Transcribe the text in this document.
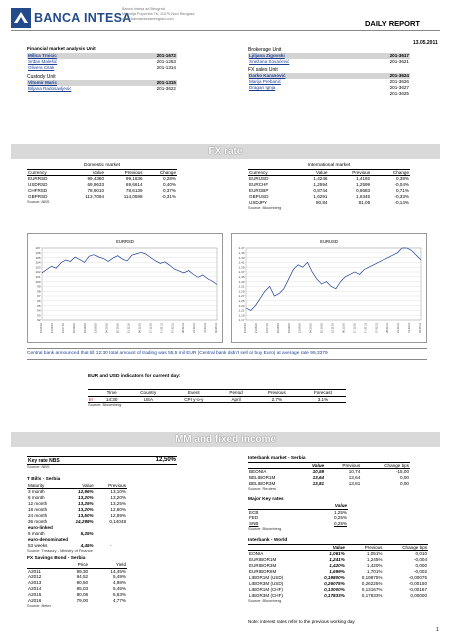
BANCA INTESA
Banca Intesa ad Beograd
Milentija Popovića 7b, 11070 Novi Beograd
www.bancaintesabeograd.com	DAILY REPORT
13.05.2011
Financial market analysis Unit
Milica Trnicic	201-1672
Srđan Malešić	201-1263
Olivera Citak	201-1314
Custody Unit
Vitomir Maric	201-1315
Biljana Radosavljevic	201-3622
Brokerage Unit
Ljiljana Zigovski	201-3617
Snežana Sovaćević	201-3621
FX sales Unit
Darko Karanović	201-3624
Marija Prebanić	201-3626
Dragan Ignja	201-3627
	201-3625
FX rate
Domestic market
Currency	Value	Previous	Change
EURRSD	99,4380	99,1636	0,28%
USDRSD	69,9633	69,6614	0,40%
CHFRSD	78,9010	78,6139	0,37%
GBPRSD	113,7094	114,0598	-0,31%
Source: NBS
International market
Currency	Value	Previous	Change
EURUSD	1,4246	1,4192	0,38%
EURCHF	1,2594	1,2599	-0,04%
EURGBP	0,8744	0,8683	0,71%
GBPUSD	1,6291	1,6345	-0,33%
USDJPY	80,84	81,05	-0,14%
Source: Bloomberg
EURRSD
107
106
105
104
103
102
101
100
99
98
97
96
95
94
93
92
31.05.10	21.06.10	12.07.10	02.08.10	23.08.10	13.09.10	04.10.10	25.10.10	15.11.10	06.12.10	27.12.10	17.01.11	07.02.11	28.02.11	21.03.11	11.04.11	02.05.11
EURUSD
1,47
1,45
1,43
1,41
1,39
1,37
1,35
1,33
1,31
1,29
1,27
1,25
1,23
1,21
1,19
1,17
31.05.10	21.06.10	12.07.10	02.08.10	23.08.10	13.09.10	04.10.10	25.10.10	15.11.10	06.12.10	27.12.10	17.01.11	07.02.11	28.02.11	21.03.11	11.04.11	02.05.11
Central bank announced that till 12:30 total amount of trading was 55,5 mil EUR (Central bank didn't sell or buy Euro) at average rate 99,3379
EUR and USD indicators for current day:
	Time	Country	Event	Period	Previous	Forecast
III	14:30	USA	CPI y-o-y	April	2.7%	3.1%
Source: Bloomberg
MM and fixed income
Key rate NBS	12,50%
Source: NBS
T Bills - Serbia
Maturity	Value	Previous
3 month	12,96%	13,10%
6 month	13,20%	13,20%
12 month	13,25%	13,25%
18 month	13,20%	12,60%
24 month	13,50%	12,89%
36 month	14,298%	0,14048
euro-linked		
6 month	5,25%	
euro-denominated		
53 weeks	4,45%	-
Source: Treasury - Ministry of Finance
FX Savings Bond - Serbia
	Price	Yield
A2011	99,30	14,45%
A2012	94,52	5,49%
A2013	90,50	4,98%
A2014	85,03	5,45%
A2015	80,08	5,63%
A2016	79,00	4,77%
Source: Belex
Interbank market - Serbia
	Value	Previous	Change bps
BEONIA	10,59	10,74	-15,00
BELIBOR1M	13,64	13,64	0,00
BELIBOR3M	13,81	13,81	0,00
Source: Reuters
Major Key rates
	Value
ECB	1,25%
FED	0,25%
SNB	0,25%
Source: Bloomberg
Interbank - World
	Value	Previous	Change bps
EONIA	1,061%	1,051%	0,010
EURIBOR1M	1,241%	1,245%	-0,004
EURIBOR3M	1,420%	1,420%	0,000
EURIBOR6M	1,699%	1,701%	-0,002
LIBOR1M (USD)	0,19800%	0,19875%	-0,00075
LIBOR3M (USD)	0,26075%	0,26225%	-0,00150
LIBOR1M (CHF)	0,13000%	0,13167%	-0,00167
LIBOR3M (CHF)	0,17833%	0,17833%	0,00000
Source: Bloomberg
Note: interest rates refer to the previous working day
1
